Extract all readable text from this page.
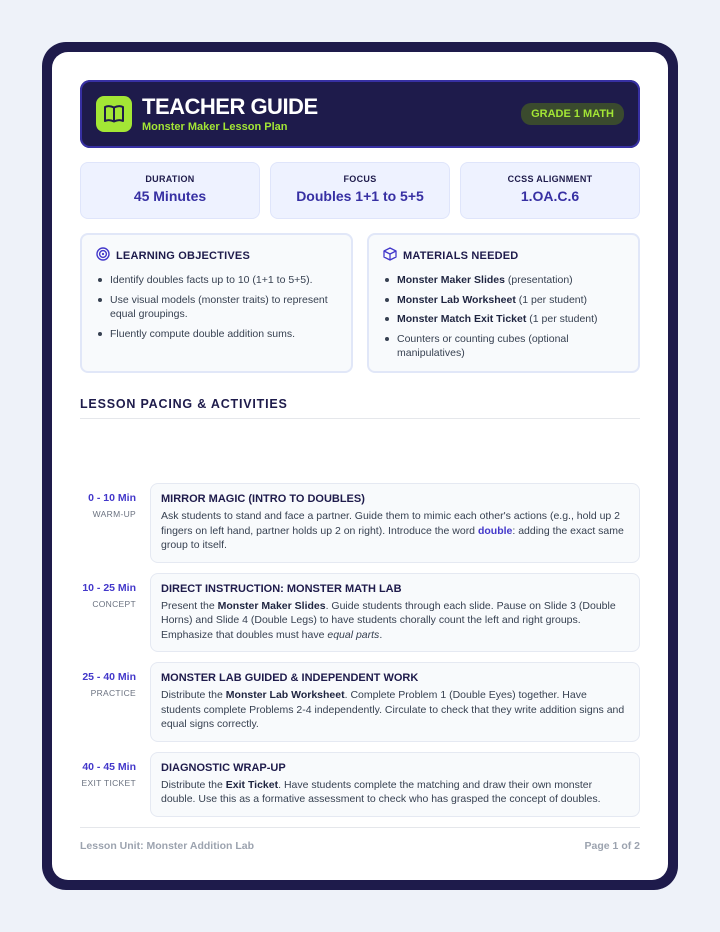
TEACHER GUIDE
Monster Maker Lesson Plan
GRADE 1 MATH
DURATION
45 Minutes
FOCUS
Doubles 1+1 to 5+5
CCSS ALIGNMENT
1.OA.C.6
LEARNING OBJECTIVES
Identify doubles facts up to 10 (1+1 to 5+5).
Use visual models (monster traits) to represent equal groupings.
Fluently compute double addition sums.
MATERIALS NEEDED
Monster Maker Slides (presentation)
Monster Lab Worksheet (1 per student)
Monster Match Exit Ticket (1 per student)
Counters or counting cubes (optional manipulatives)
LESSON PACING & ACTIVITIES
0 - 10 Min
WARM-UP
MIRROR MAGIC (INTRO TO DOUBLES)
Ask students to stand and face a partner. Guide them to mimic each other's actions (e.g., hold up 2 fingers on left hand, partner holds up 2 on right). Introduce the word double: adding the exact same group to itself.
10 - 25 Min
CONCEPT
DIRECT INSTRUCTION: MONSTER MATH LAB
Present the Monster Maker Slides. Guide students through each slide. Pause on Slide 3 (Double Horns) and Slide 4 (Double Legs) to have students chorally count the left and right groups. Emphasize that doubles must have equal parts.
25 - 40 Min
PRACTICE
MONSTER LAB GUIDED & INDEPENDENT WORK
Distribute the Monster Lab Worksheet. Complete Problem 1 (Double Eyes) together. Have students complete Problems 2-4 independently. Circulate to check that they write addition signs and equal signs correctly.
40 - 45 Min
EXIT TICKET
DIAGNOSTIC WRAP-UP
Distribute the Exit Ticket. Have students complete the matching and draw their own monster double. Use this as a formative assessment to check who has grasped the concept of doubles.
Lesson Unit: Monster Addition Lab	Page 1 of 2
